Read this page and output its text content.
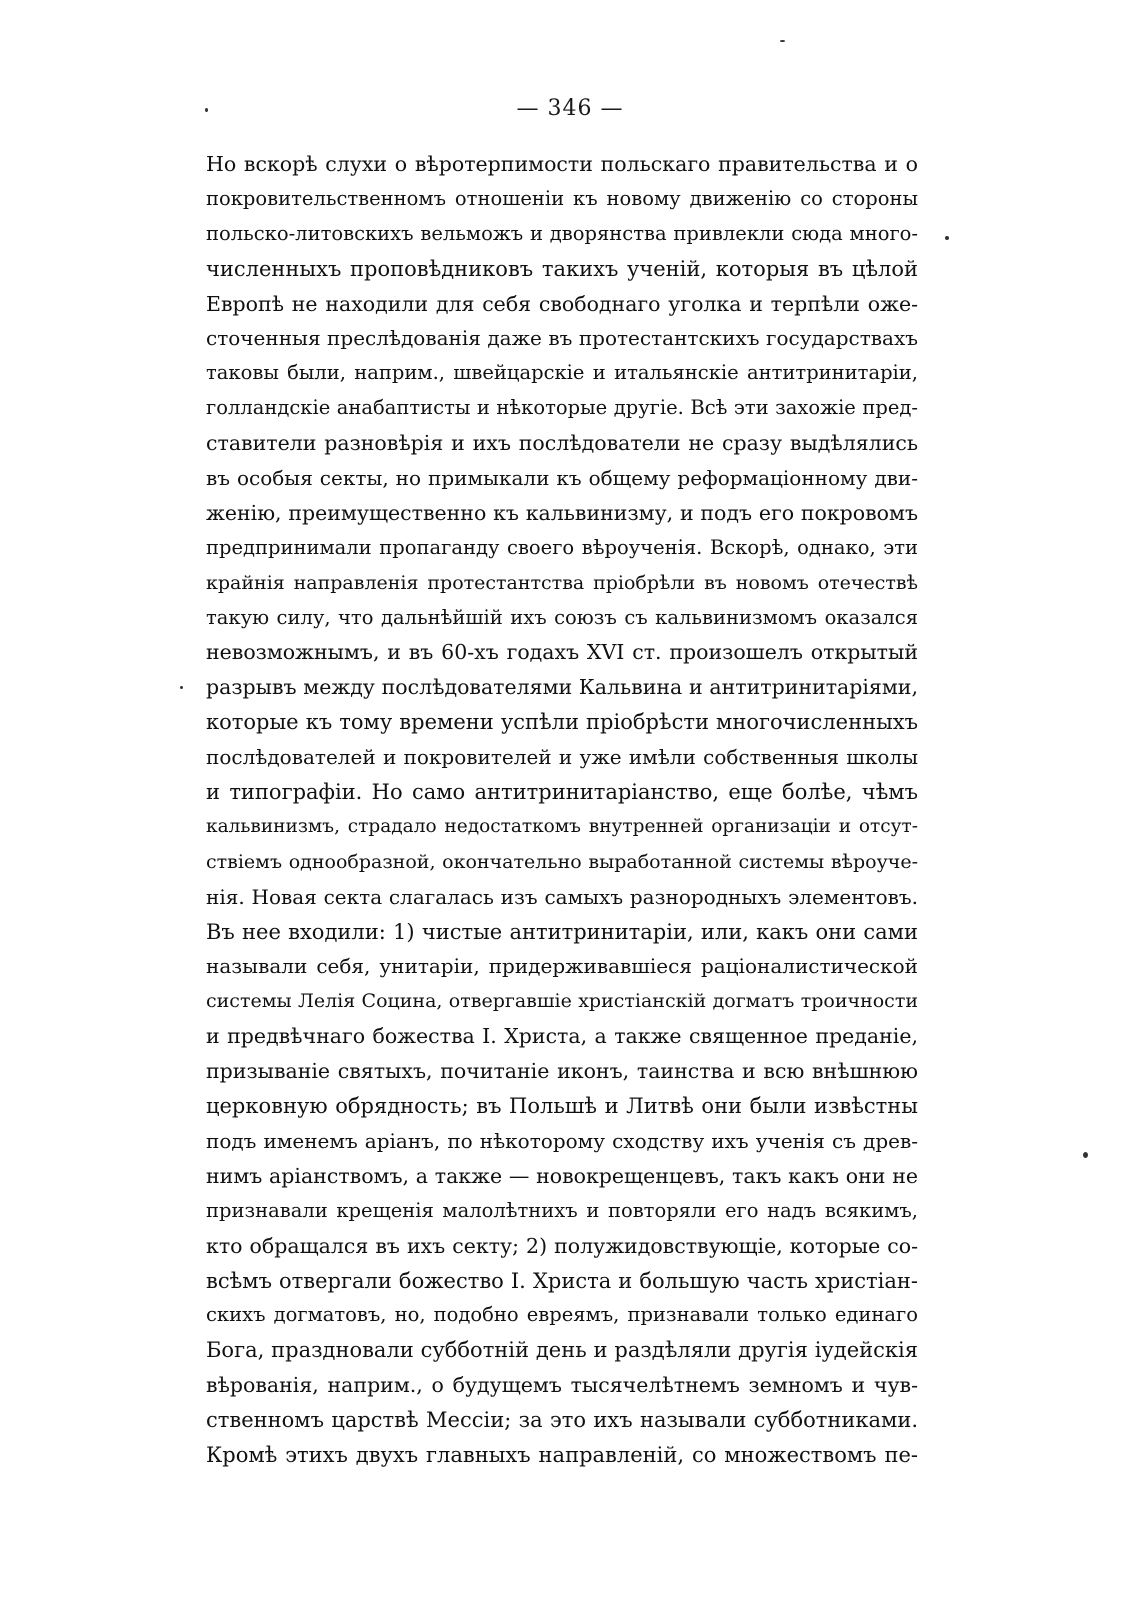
— 346 —
Но вскорѣ слухи о вѣротерпимости польскаго правительства и о
покровительственномъ отношеніи къ новому движенію со стороны
польско-литовскихъ вельможъ и дворянства привлекли сюда много-
численныхъ проповѣдниковъ такихъ ученій, которыя въ цѣлой
Европѣ не находили для себя свободнаго уголка и терпѣли оже-
сточенныя преслѣдованія даже въ протестантскихъ государствахъ
таковы были, наприм., швейцарскіе и итальянскіе антитринитаріи,
голландскіе анабаптисты и нѣкоторые другіе. Всѣ эти захожіе пред-
ставители разновѣрія и ихъ послѣдователи не сразу выдѣлялись
въ особыя секты, но примыкали къ общему реформаціонному дви-
женію, преимущественно къ кальвинизму, и подъ его покровомъ
предпринимали пропаганду своего вѣроученія. Вскорѣ, однако, эти
крайнія направленія протестантства пріобрѣли въ новомъ отечествѣ
такую силу, что дальнѣйшій ихъ союзъ съ кальвинизмомъ оказался
невозможнымъ, и въ 60-хъ годахъ XVI ст. произошелъ открытый
разрывъ между послѣдователями Кальвина и антитринитаріями,
которые къ тому времени успѣли пріобрѣсти многочисленныхъ
послѣдователей и покровителей и уже имѣли собственныя школы
и типографіи. Но само антитринитаріанство, еще болѣе, чѣмъ
кальвинизмъ, страдало недостаткомъ внутренней организаціи и отсут-
ствіемъ однообразной, окончательно выработанной системы вѣроуче-
нія. Новая секта слагалась изъ самыхъ разнородныхъ элементовъ.
Въ нее входили: 1) чистые антитринитаріи, или, какъ они сами
называли себя, унитаріи, придерживавшіеся раціоналистической
системы Лелія Социна, отвергавшіе христіанскій догматъ троичности
и предвѣчнаго божества І. Христа, а также священное преданіе,
призываніе святыхъ, почитаніе иконъ, таинства и всю внѣшнюю
церковную обрядность; въ Польшѣ и Литвѣ они были извѣстны
подъ именемъ аріанъ, по нѣкоторому сходству ихъ ученія съ древ-
нимъ аріанствомъ, а также — новокрещенцевъ, такъ какъ они не
признавали крещенія малолѣтнихъ и повторяли его надъ всякимъ,
кто обращался въ ихъ секту; 2) полужидовствующіе, которые со-
всѣмъ отвергали божество І. Христа и большую часть христіан-
скихъ догматовъ, но, подобно евреямъ, признавали только единаго
Бога, праздновали субботній день и раздѣляли другія іудейскія
вѣрованія, наприм., о будущемъ тысячелѣтнемъ земномъ и чув-
ственномъ царствѣ Мессіи; за это ихъ называли субботниками.
Кромѣ этихъ двухъ главныхъ направленій, со множествомъ пе-
